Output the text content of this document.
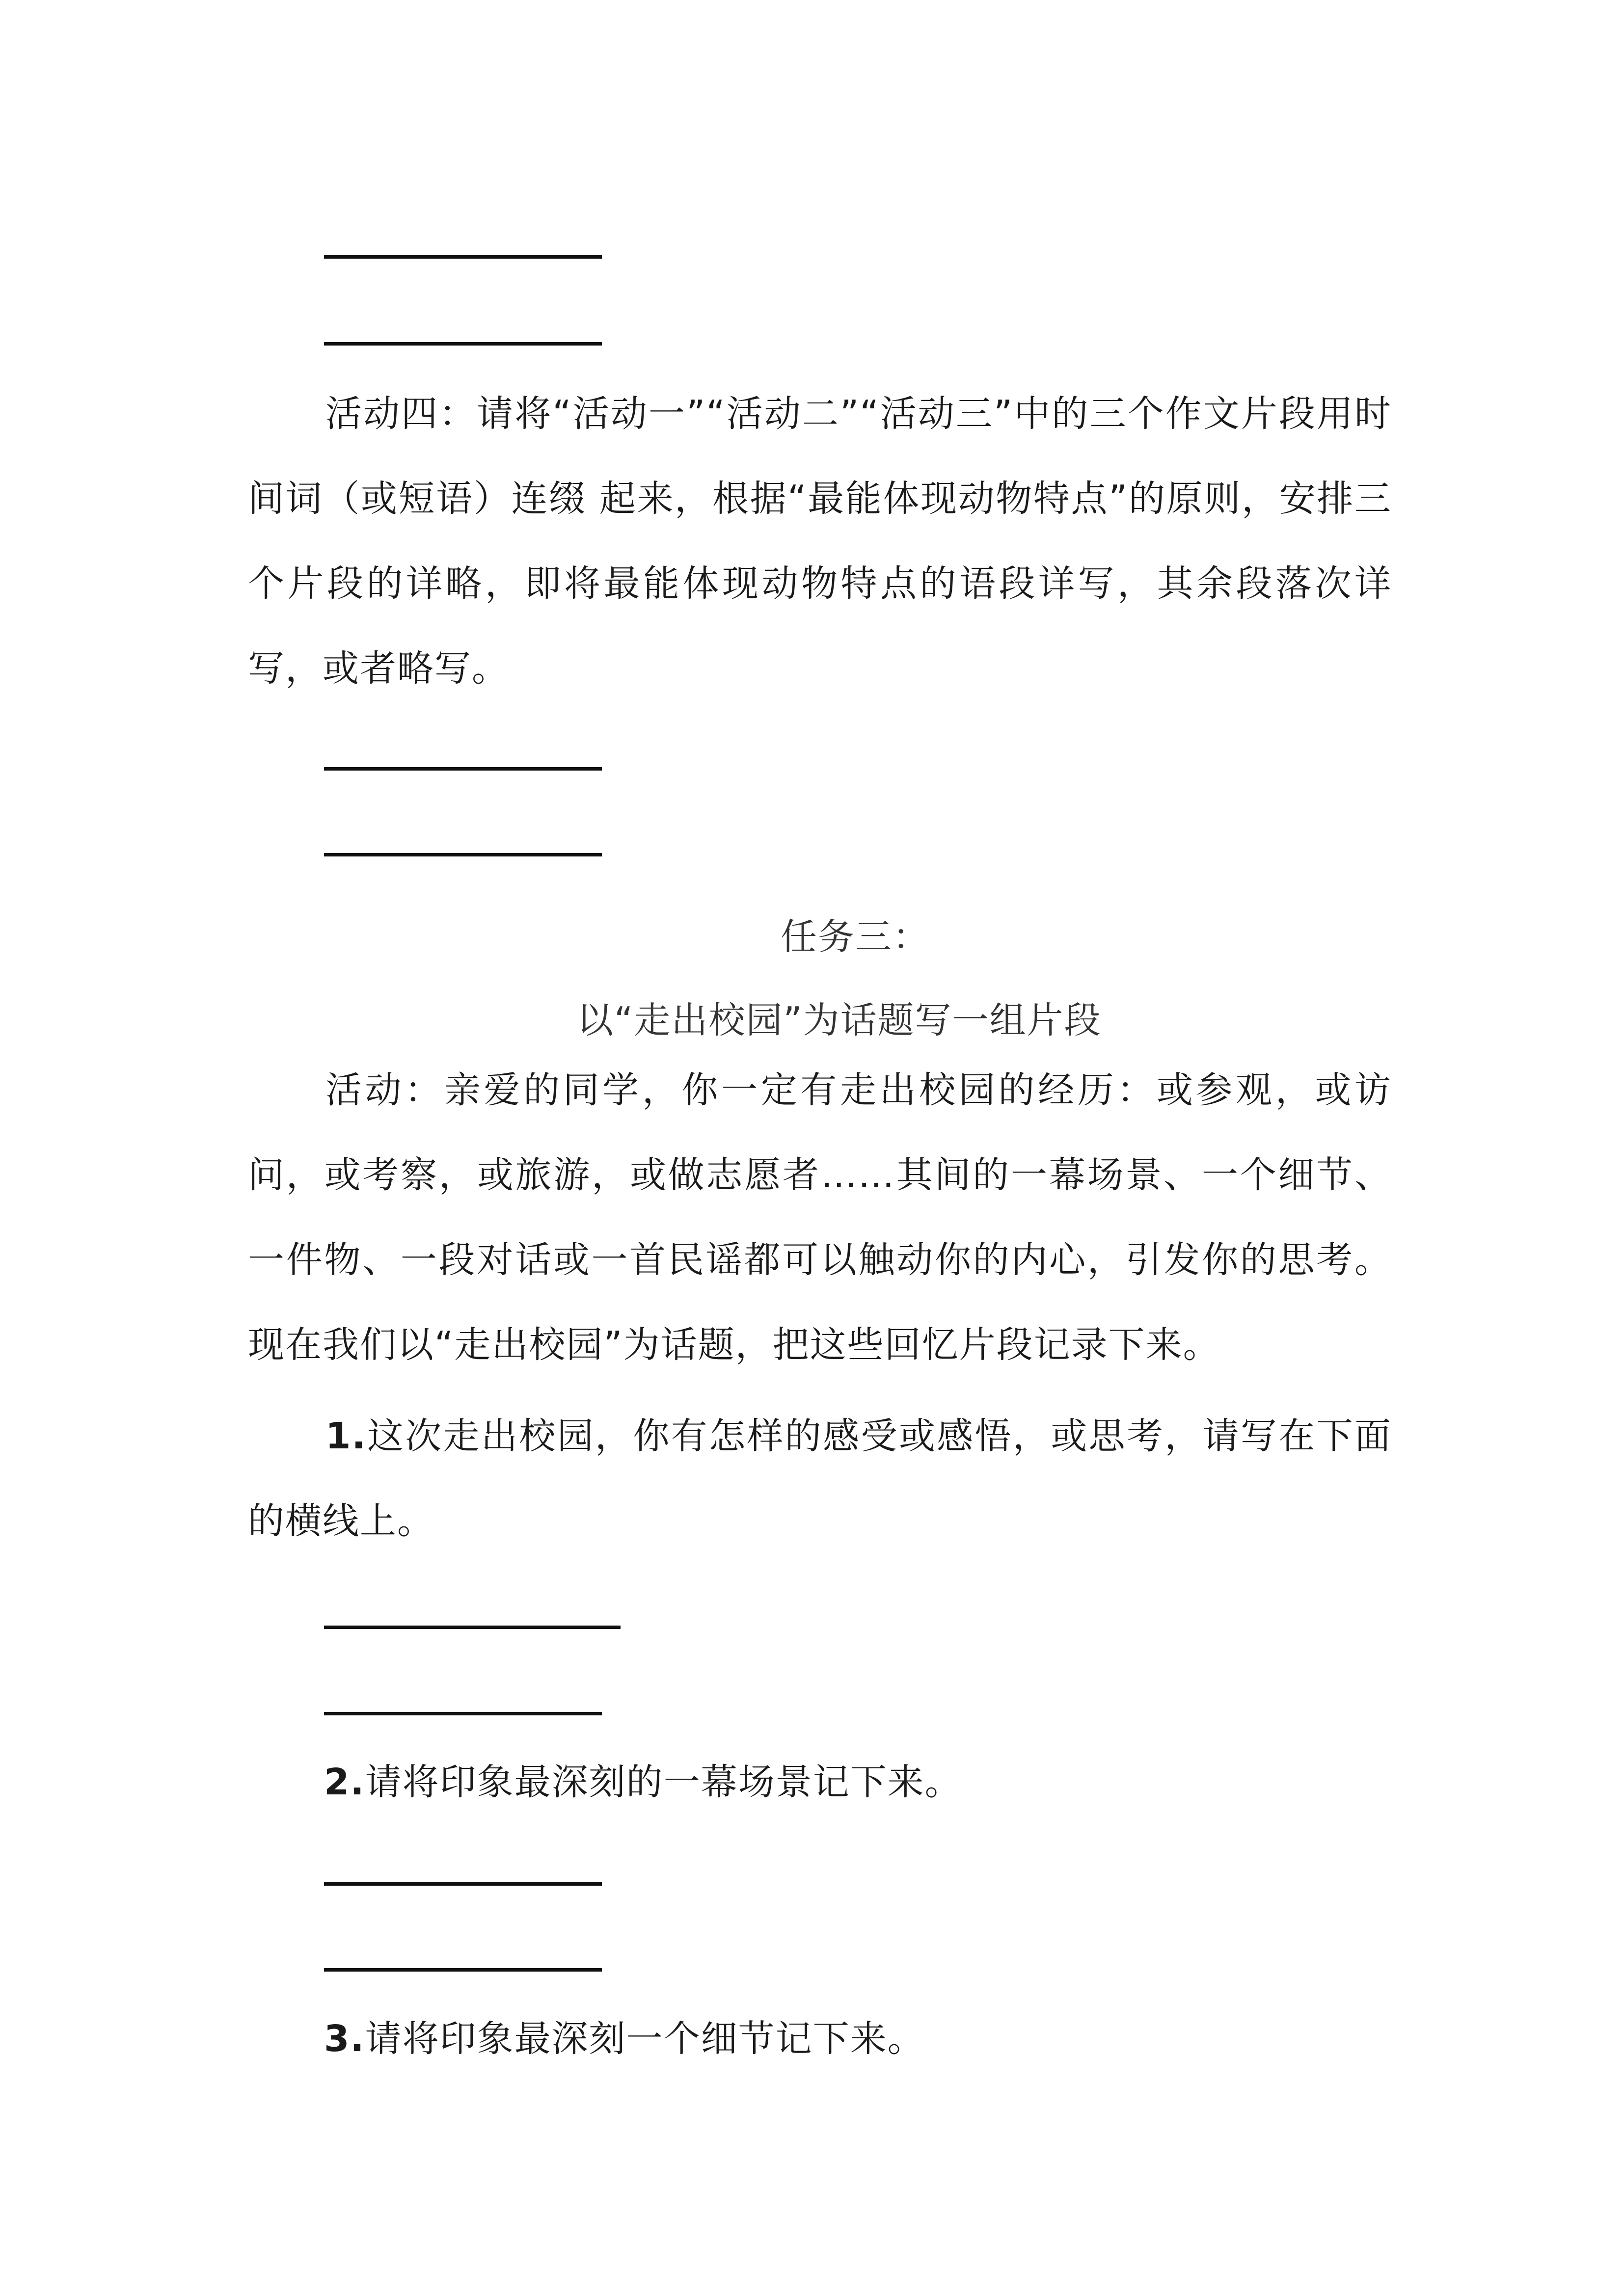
活动四：请将“活动一”“活动二”“活动三”中的三个作文片段用时间词（或短语）连缀 起来，根据“最能体现动物特点”的原则，安排三个片段的详略，即将最能体现动物特点的语段详写，其余段落次详写，或者略写。

任务三：

以“走出校园”为话题写一组片段

活动：亲爱的同学，你一定有走出校园的经历：或参观，或访问，或考察，或旅游，或做志愿者……其间的一幕场景、一个细节、一件物、一段对话或一首民谣都可以触动你的内心，引发你的思考。现在我们以“走出校园”为话题，把这些回忆片段记录下来。

1.这次走出校园，你有怎样的感受或感悟，或思考，请写在下面的横线上。

2.请将印象最深刻的一幕场景记下来。

3.请将印象最深刻一个细节记下来。
